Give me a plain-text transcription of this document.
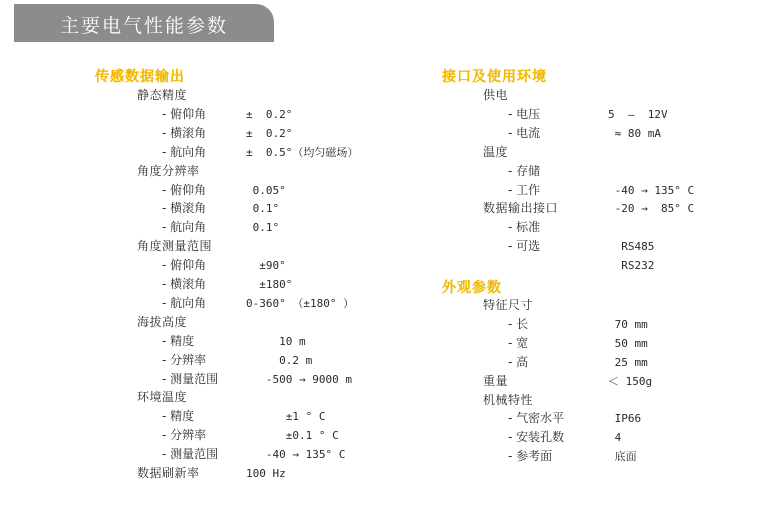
主要电气性能参数
传感数据输出
静态精度
- 俯仰角	±  0.2°
- 横滚角	±  0.2°
- 航向角	±  0.5°（均匀磁场）
角度分辨率
- 俯仰角	0.05°
- 横滚角	0.1°
- 航向角	0.1°
角度测量范围
- 俯仰角	±90°
- 横滚角	±180°
- 航向角	0-360° （±180° ）
海拔高度
- 精度	10 m
- 分辨率	0.2 m
- 测量范围	-500 → 9000 m
环境温度
- 精度	±1 ° C
- 分辨率	±0.1 ° C
- 测量范围	-40 → 135° C
数据刷新率	100 Hz
接口及使用环境
供电
- 电压	5  –  12V
- 电流	≈ 80 mA
温度
- 存储
- 工作	-40 → 135° C
数据输出接口	-20 →  85° C
- 标准
- 可选	RS485
RS232
外观参数
特征尺寸
- 长	70 mm
- 宽	50 mm
- 高	25 mm
重量	＜ 150g
机械特性
- 气密水平	IP66
- 安装孔数	4
- 参考面	底面
